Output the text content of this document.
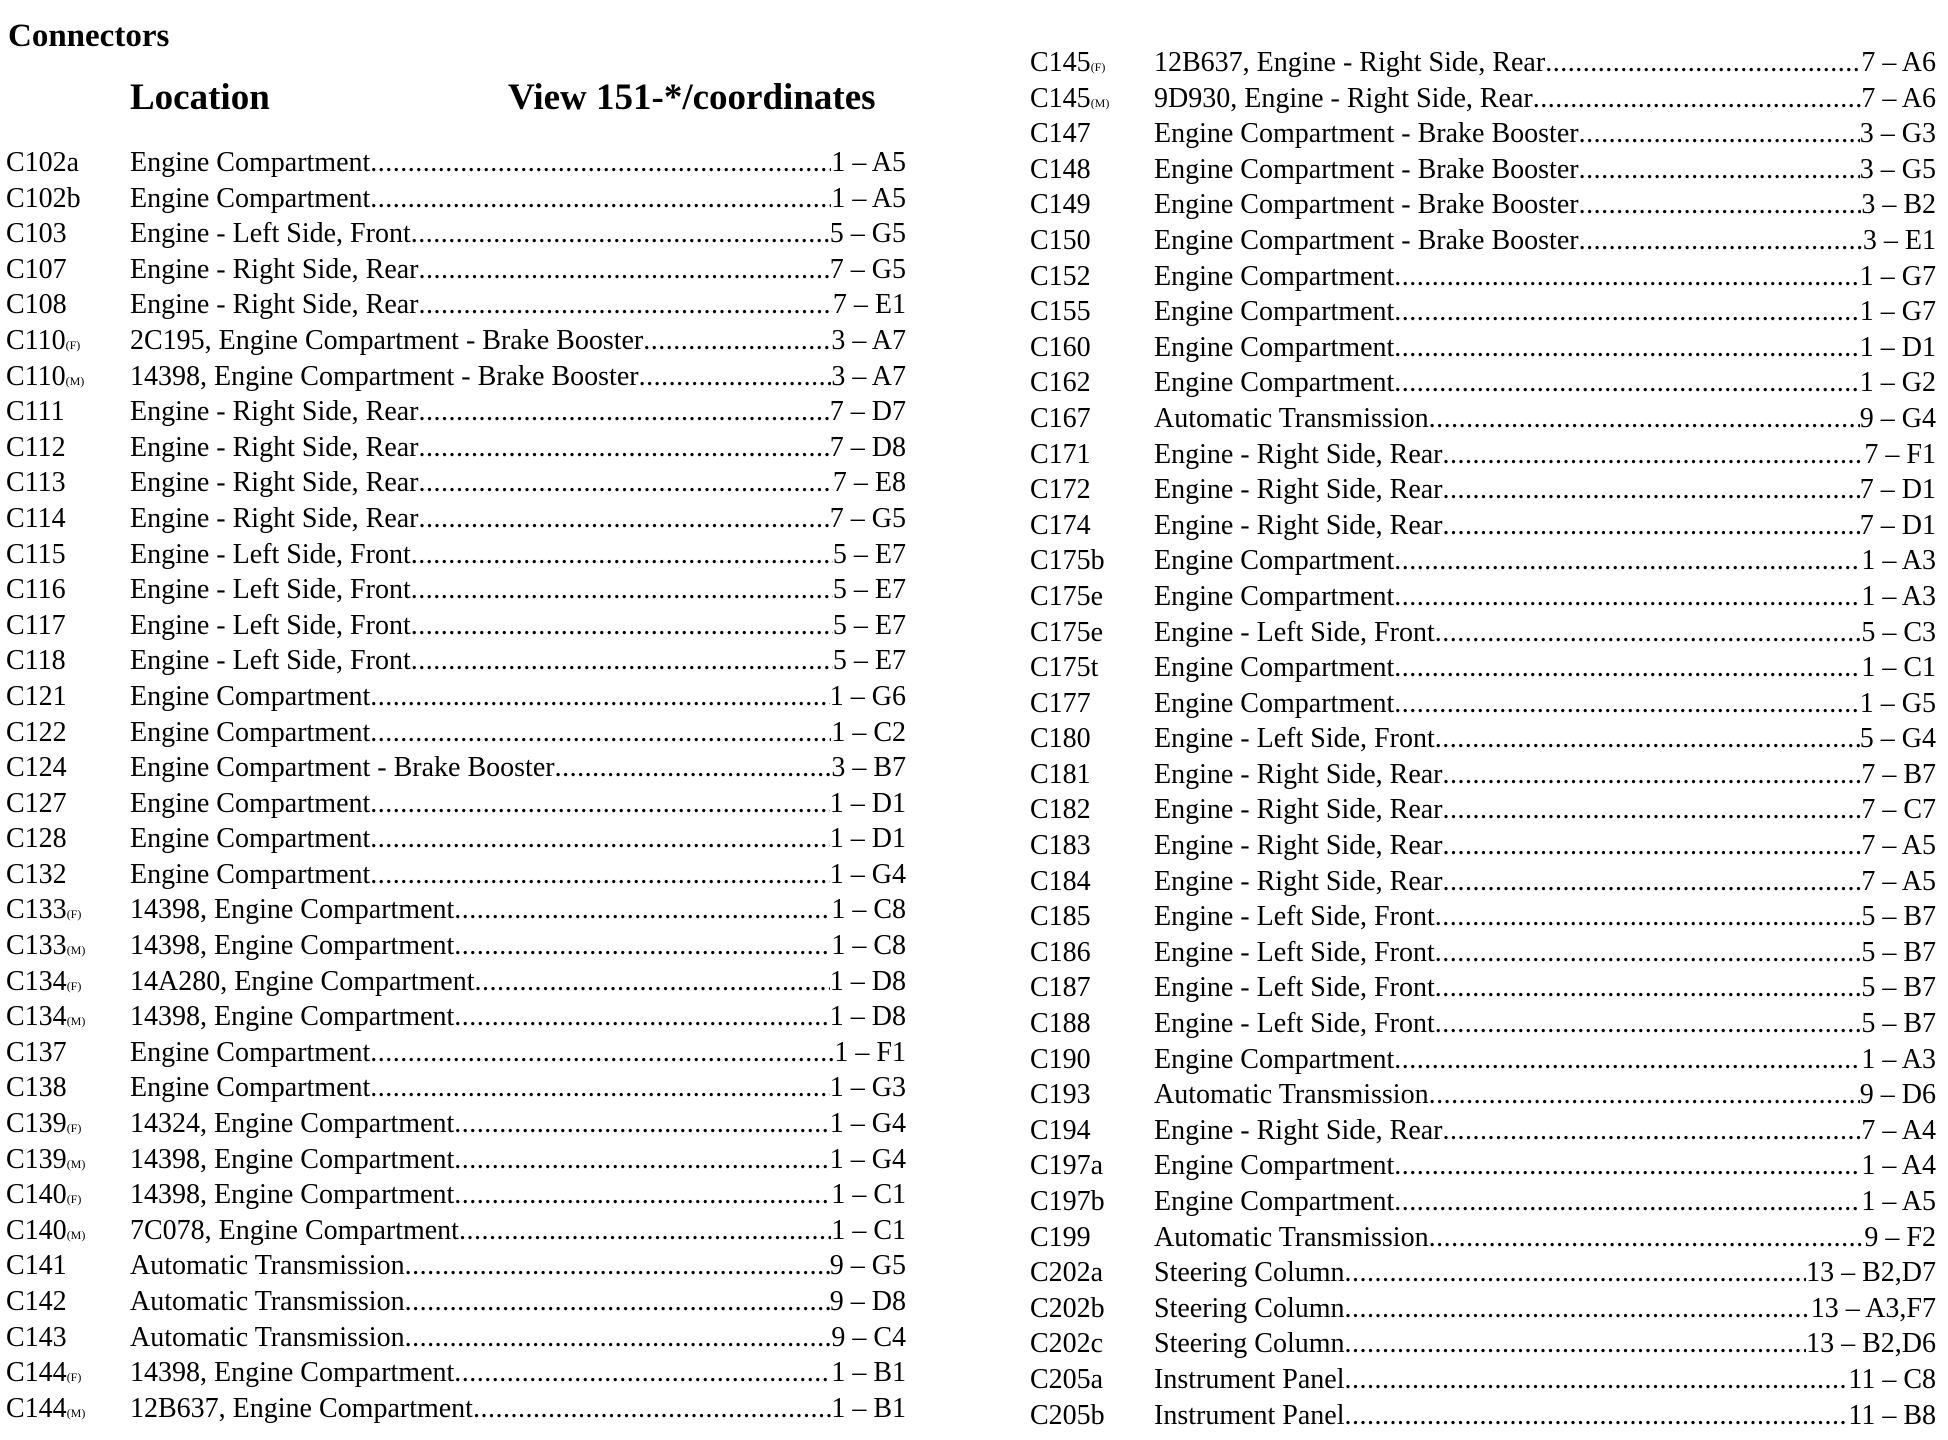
Connectors
Location	View 151-*/coordinates
C102a	Engine Compartment .....	1 – A5
C102b	Engine Compartment .....	1 – A5
C103	Engine - Left Side, Front .....	5 – G5
C107	Engine - Right Side, Rear .....	7 – G5
C108	Engine - Right Side, Rear .....	7 – E1
C110(F)	2C195, Engine Compartment - Brake Booster .....	3 – A7
C110(M)	14398, Engine Compartment - Brake Booster .....	3 – A7
C111	Engine - Right Side, Rear .....	7 – D7
C112	Engine - Right Side, Rear .....	7 – D8
C113	Engine - Right Side, Rear .....	7 – E8
C114	Engine - Right Side, Rear .....	7 – G5
C115	Engine - Left Side, Front .....	5 – E7
C116	Engine - Left Side, Front .....	5 – E7
C117	Engine - Left Side, Front .....	5 – E7
C118	Engine - Left Side, Front .....	5 – E7
C121	Engine Compartment .....	1 – G6
C122	Engine Compartment .....	1 – C2
C124	Engine Compartment - Brake Booster .....	3 – B7
C127	Engine Compartment .....	1 – D1
C128	Engine Compartment .....	1 – D1
C132	Engine Compartment .....	1 – G4
C133(F)	14398, Engine Compartment .....	1 – C8
C133(M)	14398, Engine Compartment .....	1 – C8
C134(F)	14A280, Engine Compartment .....	1 – D8
C134(M)	14398, Engine Compartment .....	1 – D8
C137	Engine Compartment .....	1 – F1
C138	Engine Compartment .....	1 – G3
C139(F)	14324, Engine Compartment .....	1 – G4
C139(M)	14398, Engine Compartment .....	1 – G4
C140(F)	14398, Engine Compartment .....	1 – C1
C140(M)	7C078, Engine Compartment .....	1 – C1
C141	Automatic Transmission .....	9 – G5
C142	Automatic Transmission .....	9 – D8
C143	Automatic Transmission .....	9 – C4
C144(F)	14398, Engine Compartment .....	1 – B1
C144(M)	12B637, Engine Compartment .....	1 – B1
C145(F)	12B637, Engine - Right Side, Rear .....	7 – A6
C145(M)	9D930, Engine - Right Side, Rear .....	7 – A6
C147	Engine Compartment - Brake Booster .....	3 – G3
C148	Engine Compartment - Brake Booster .....	3 – G5
C149	Engine Compartment - Brake Booster .....	3 – B2
C150	Engine Compartment - Brake Booster .....	3 – E1
C152	Engine Compartment .....	1 – G7
C155	Engine Compartment .....	1 – G7
C160	Engine Compartment .....	1 – D1
C162	Engine Compartment .....	1 – G2
C167	Automatic Transmission .....	9 – G4
C171	Engine - Right Side, Rear .....	7 – F1
C172	Engine - Right Side, Rear .....	7 – D1
C174	Engine - Right Side, Rear .....	7 – D1
C175b	Engine Compartment .....	1 – A3
C175e	Engine Compartment .....	1 – A3
C175e	Engine - Left Side, Front .....	5 – C3
C175t	Engine Compartment .....	1 – C1
C177	Engine Compartment .....	1 – G5
C180	Engine - Left Side, Front .....	5 – G4
C181	Engine - Right Side, Rear .....	7 – B7
C182	Engine - Right Side, Rear .....	7 – C7
C183	Engine - Right Side, Rear .....	7 – A5
C184	Engine - Right Side, Rear .....	7 – A5
C185	Engine - Left Side, Front .....	5 – B7
C186	Engine - Left Side, Front .....	5 – B7
C187	Engine - Left Side, Front .....	5 – B7
C188	Engine - Left Side, Front .....	5 – B7
C190	Engine Compartment .....	1 – A3
C193	Automatic Transmission .....	9 – D6
C194	Engine - Right Side, Rear .....	7 – A4
C197a	Engine Compartment .....	1 – A4
C197b	Engine Compartment .....	1 – A5
C199	Automatic Transmission .....	9 – F2
C202a	Steering Column .....	13 – B2,D7
C202b	Steering Column .....	13 – A3,F7
C202c	Steering Column .....	13 – B2,D6
C205a	Instrument Panel .....	11 – C8
C205b	Instrument Panel .....	11 – B8
